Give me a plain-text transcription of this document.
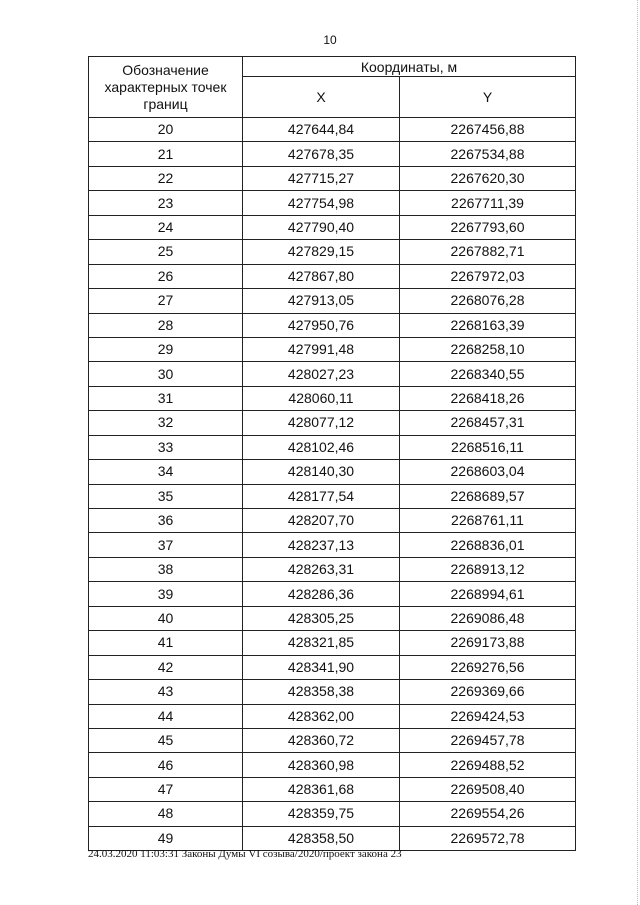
10
Обозначение характерных точек границ	Координаты, м	
	X	Y
20	427644,84	2267456,88
21	427678,35	2267534,88
22	427715,27	2267620,30
23	427754,98	2267711,39
24	427790,40	2267793,60
25	427829,15	2267882,71
26	427867,80	2267972,03
27	427913,05	2268076,28
28	427950,76	2268163,39
29	427991,48	2268258,10
30	428027,23	2268340,55
31	428060,11	2268418,26
32	428077,12	2268457,31
33	428102,46	2268516,11
34	428140,30	2268603,04
35	428177,54	2268689,57
36	428207,70	2268761,11
37	428237,13	2268836,01
38	428263,31	2268913,12
39	428286,36	2268994,61
40	428305,25	2269086,48
41	428321,85	2269173,88
42	428341,90	2269276,56
43	428358,38	2269369,66
44	428362,00	2269424,53
45	428360,72	2269457,78
46	428360,98	2269488,52
47	428361,68	2269508,40
48	428359,75	2269554,26
49	428358,50	2269572,78
24.03.2020 11:03:31 Законы Думы VI созыва/2020/проект закона 23
